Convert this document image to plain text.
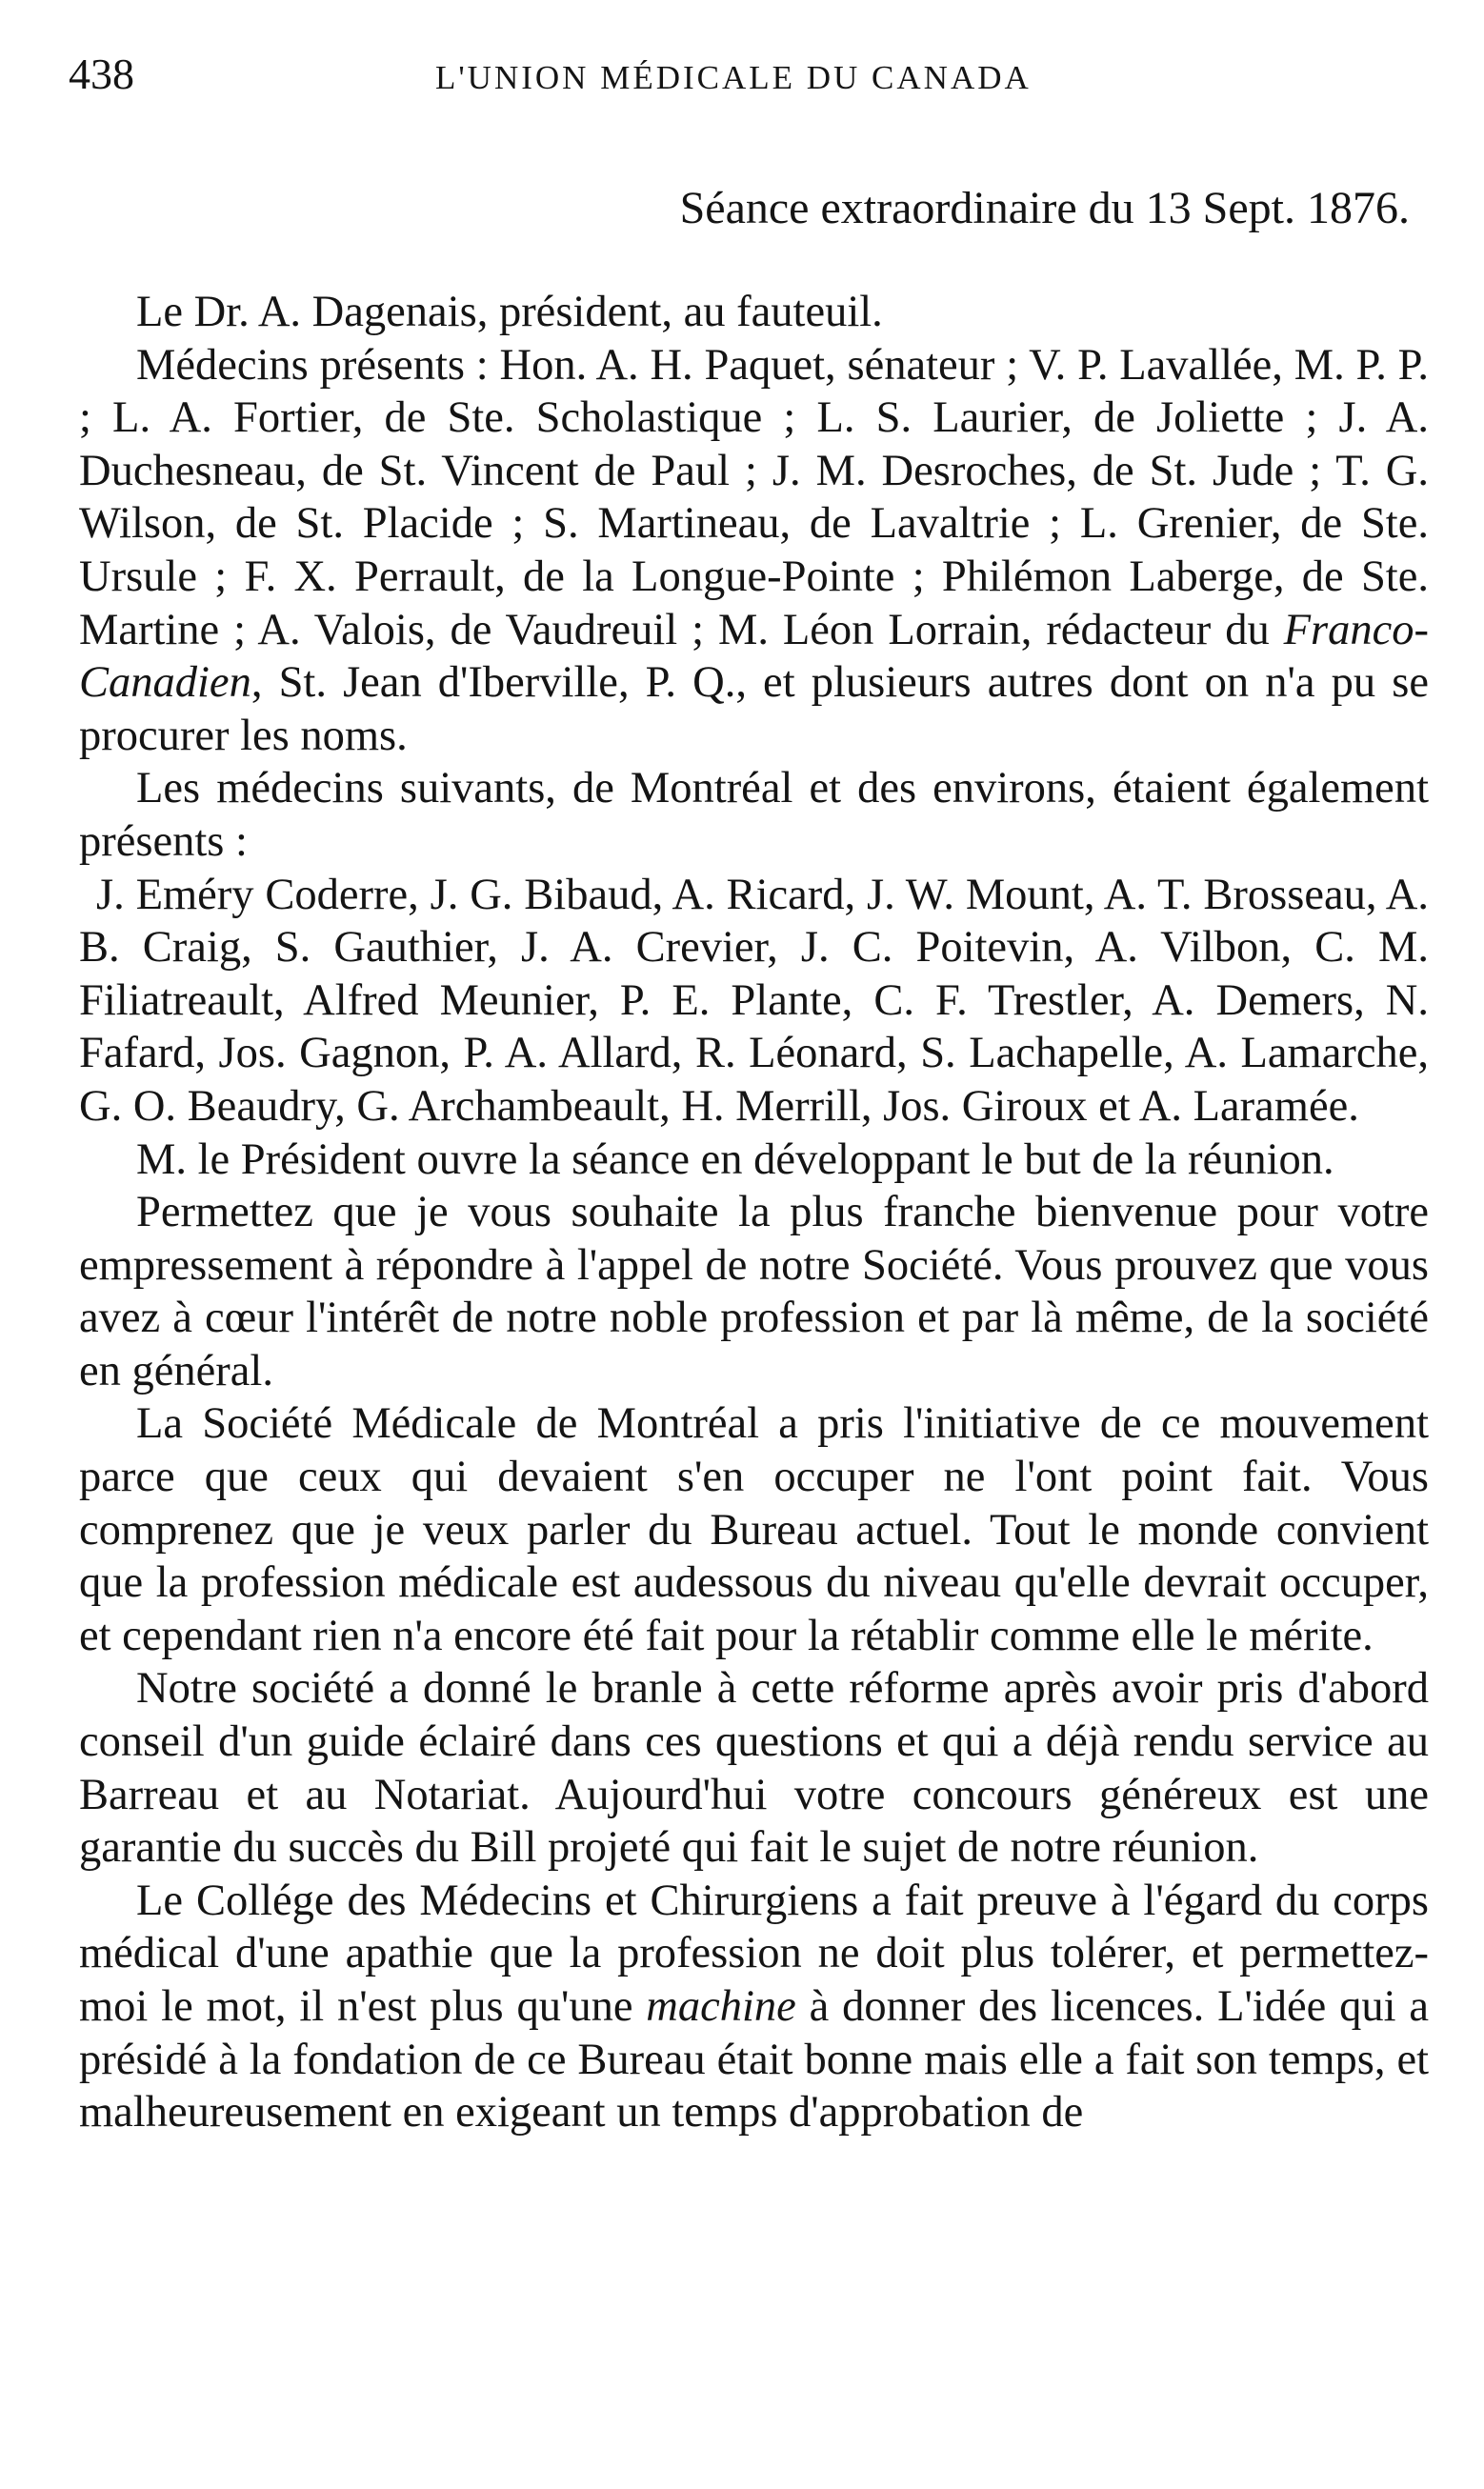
438	L'UNION MÉDICALE DU CANADA
Séance extraordinaire du 13 Sept. 1876.

Le Dr. A. Dagenais, président, au fauteuil.

Médecins présents : Hon. A. H. Paquet, sénateur ; V. P. Lavallée, M. P. P. ; L. A. Fortier, de Ste. Scholastique ; L. S. Laurier, de Joliette ; J. A. Duchesneau, de St. Vincent de Paul ; J. M. Desroches, de St. Jude ; T. G. Wilson, de St. Placide ; S. Martineau, de Lavaltrie ; L. Grenier, de Ste. Ursule ; F. X. Perrault, de la Longue-Pointe ; Philémon Laberge, de Ste. Martine ; A. Valois, de Vaudreuil ; M. Léon Lorrain, rédacteur du Franco-Canadien, St. Jean d'Iberville, P. Q., et plusieurs autres dont on n'a pu se procurer les noms.

Les médecins suivants, de Montréal et des environs, étaient également présents :

J. Eméry Coderre, J. G. Bibaud, A. Ricard, J. W. Mount, A. T. Brosseau, A. B. Craig, S. Gauthier, J. A. Crevier, J. C. Poitevin, A. Vilbon, C. M. Filiatreault, Alfred Meunier, P. E. Plante, C. F. Trestler, A. Demers, N. Fafard, Jos. Gagnon, P. A. Allard, R. Léonard, S. Lachapelle, A. Lamarche, G. O. Beaudry, G. Archambeault, H. Merrill, Jos. Giroux et A. Laramée.

M. le Président ouvre la séance en développant le but de la réunion.

Permettez que je vous souhaite la plus franche bienvenue pour votre empressement à répondre à l'appel de notre Société. Vous prouvez que vous avez à cœur l'intérêt de notre noble profession et par là même, de la société en général.

La Société Médicale de Montréal a pris l'initiative de ce mouvement parce que ceux qui devaient s'en occuper ne l'ont point fait. Vous comprenez que je veux parler du Bureau actuel. Tout le monde convient que la profession médicale est audessous du niveau qu'elle devrait occuper, et cependant rien n'a encore été fait pour la rétablir comme elle le mérite.

Notre société a donné le branle à cette réforme après avoir pris d'abord conseil d'un guide éclairé dans ces questions et qui a déjà rendu service au Barreau et au Notariat. Aujourd'hui votre concours généreux est une garantie du succès du Bill projeté qui fait le sujet de notre réunion.

Le Collége des Médecins et Chirurgiens a fait preuve à l'égard du corps médical d'une apathie que la profession ne doit plus tolérer, et permettez-moi le mot, il n'est plus qu'une machine à donner des licences. L'idée qui a présidé à la fondation de ce Bureau était bonne mais elle a fait son temps, et malheureusement en exigeant un temps d'approbation de
